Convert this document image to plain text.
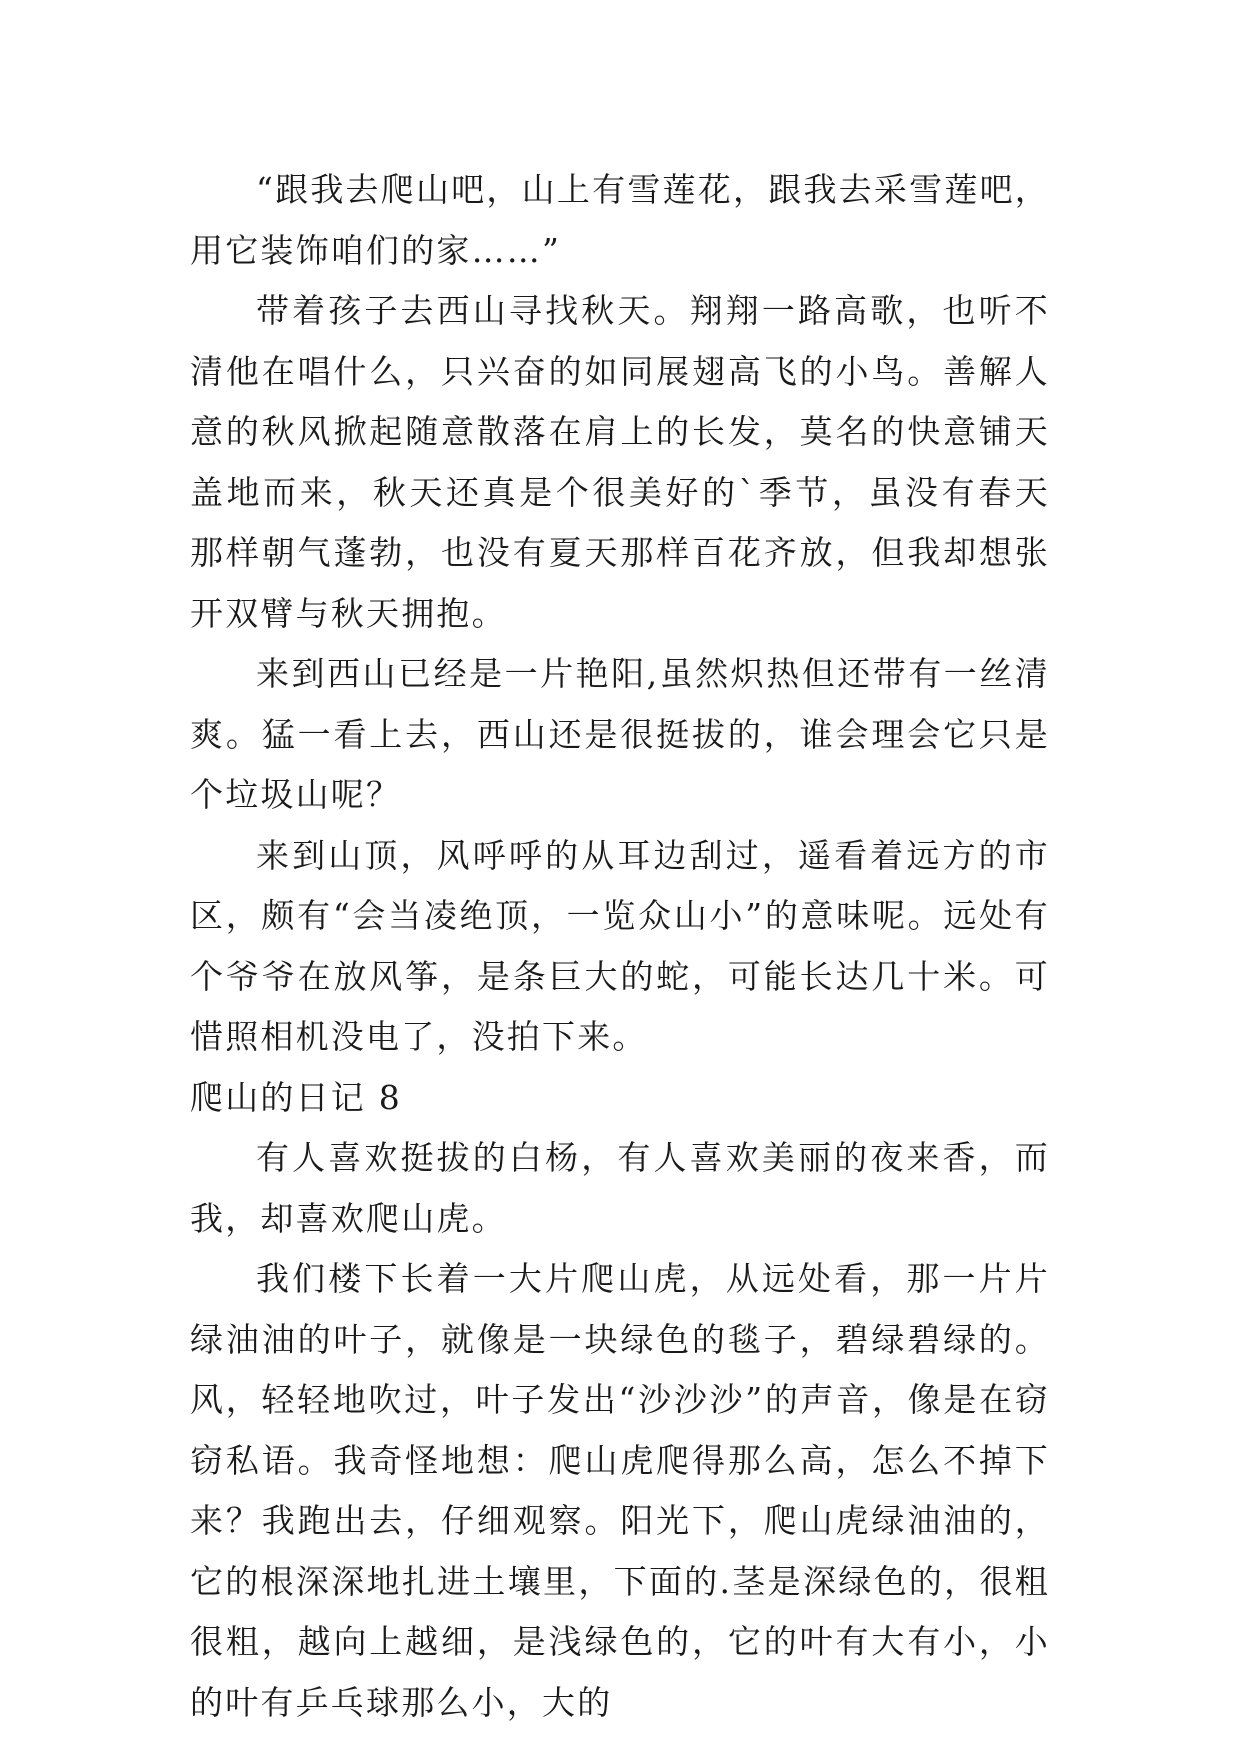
“跟我去爬山吧，山上有雪莲花，跟我去采雪莲吧，用它装饰咱们的家……”

带着孩子去西山寻找秋天。翔翔一路高歌，也听不清他在唱什么，只兴奋的如同展翅高飞的小鸟。善解人意的秋风掀起随意散落在肩上的长发，莫名的快意铺天盖地而来，秋天还真是个很美好的`季节，虽没有春天那样朝气蓬勃，也没有夏天那样百花齐放，但我却想张开双臂与秋天拥抱。

来到西山已经是一片艳阳,虽然炽热但还带有一丝清爽。猛一看上去，西山还是很挺拔的，谁会理会它只是个垃圾山呢？

来到山顶，风呼呼的从耳边刮过，遥看着远方的市区，颇有“会当凌绝顶，一览众山小”的意味呢。远处有个爷爷在放风筝，是条巨大的蛇，可能长达几十米。可惜照相机没电了，没拍下来。

爬山的日记 8

有人喜欢挺拔的白杨，有人喜欢美丽的夜来香，而我，却喜欢爬山虎。

我们楼下长着一大片爬山虎，从远处看，那一片片绿油油的叶子，就像是一块绿色的毯子，碧绿碧绿的。风，轻轻地吹过，叶子发出“沙沙沙”的声音，像是在窃窃私语。我奇怪地想：爬山虎爬得那么高，怎么不掉下来？我跑出去，仔细观察。阳光下，爬山虎绿油油的，它的根深深地扎进土壤里，下面的.茎是深绿色的，很粗很粗，越向上越细，是浅绿色的，它的叶有大有小，小的叶有乒乓球那么小，大的
